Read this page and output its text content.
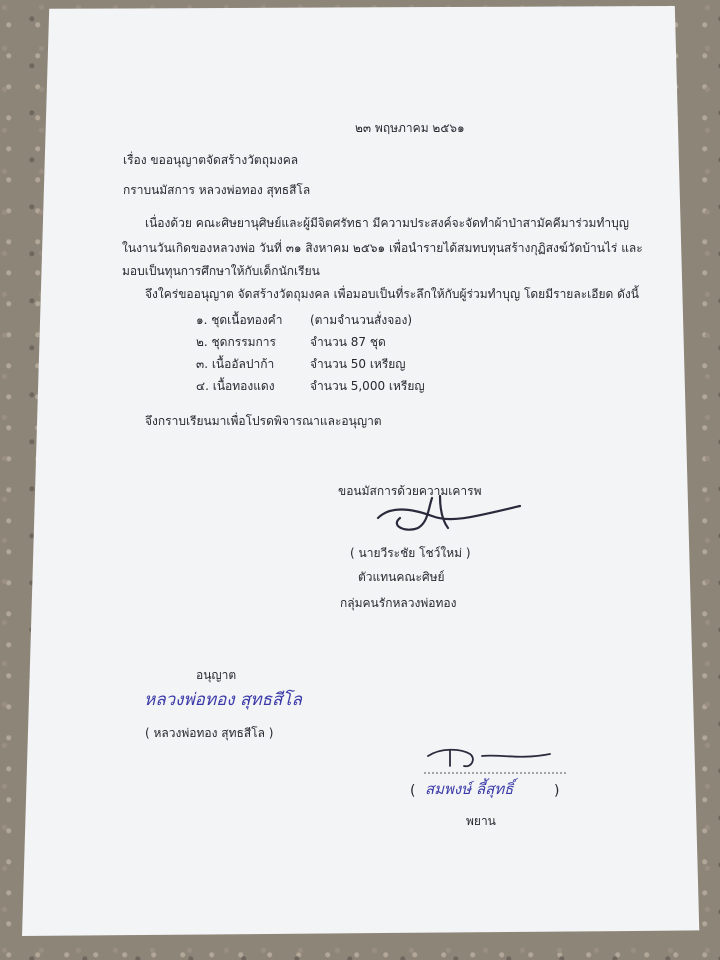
๒๓ พฤษภาคม ๒๕๖๑
เรื่อง ขออนุญาตจัดสร้างวัตถุมงคล
กราบนมัสการ หลวงพ่อทอง สุทธสีโล
เนื่องด้วย คณะศิษยานุศิษย์และผู้มีจิตศรัทธา มีความประสงค์จะจัดทำผ้าป่าสามัคคีมาร่วมทำบุญ
ในงานวันเกิดของหลวงพ่อ วันที่ ๓๑ สิงหาคม ๒๕๖๑ เพื่อนำรายได้สมทบทุนสร้างกุฏิสงฆ์วัดบ้านไร่ และ
มอบเป็นทุนการศึกษาให้กับเด็กนักเรียน
จึงใคร่ขออนุญาต จัดสร้างวัตถุมงคล เพื่อมอบเป็นที่ระลึกให้กับผู้ร่วมทำบุญ โดยมีรายละเอียด ดังนี้
๑. ชุดเนื้อทองคำ (ตามจำนวนสั่งจอง)
๒. ชุดกรรมการ	จำนวน 87 ชุด
๓. เนื้ออัลปาก้า	จำนวน 50 เหรียญ
๔. เนื้อทองแดง	จำนวน 5,000 เหรียญ
จึงกราบเรียนมาเพื่อโปรดพิจารณาและอนุญาต
ขอนมัสการด้วยความเคารพ
( นายวีระชัย โชว์ใหม่ )
ตัวแทนคณะศิษย์
กลุ่มคนรักหลวงพ่อทอง
อนุญาต
หลวงพ่อทอง สุทธสีโล
( หลวงพ่อทอง สุทธสีโล )
( สมพงษ์ ลี้สุทธิ์	)
พยาน
